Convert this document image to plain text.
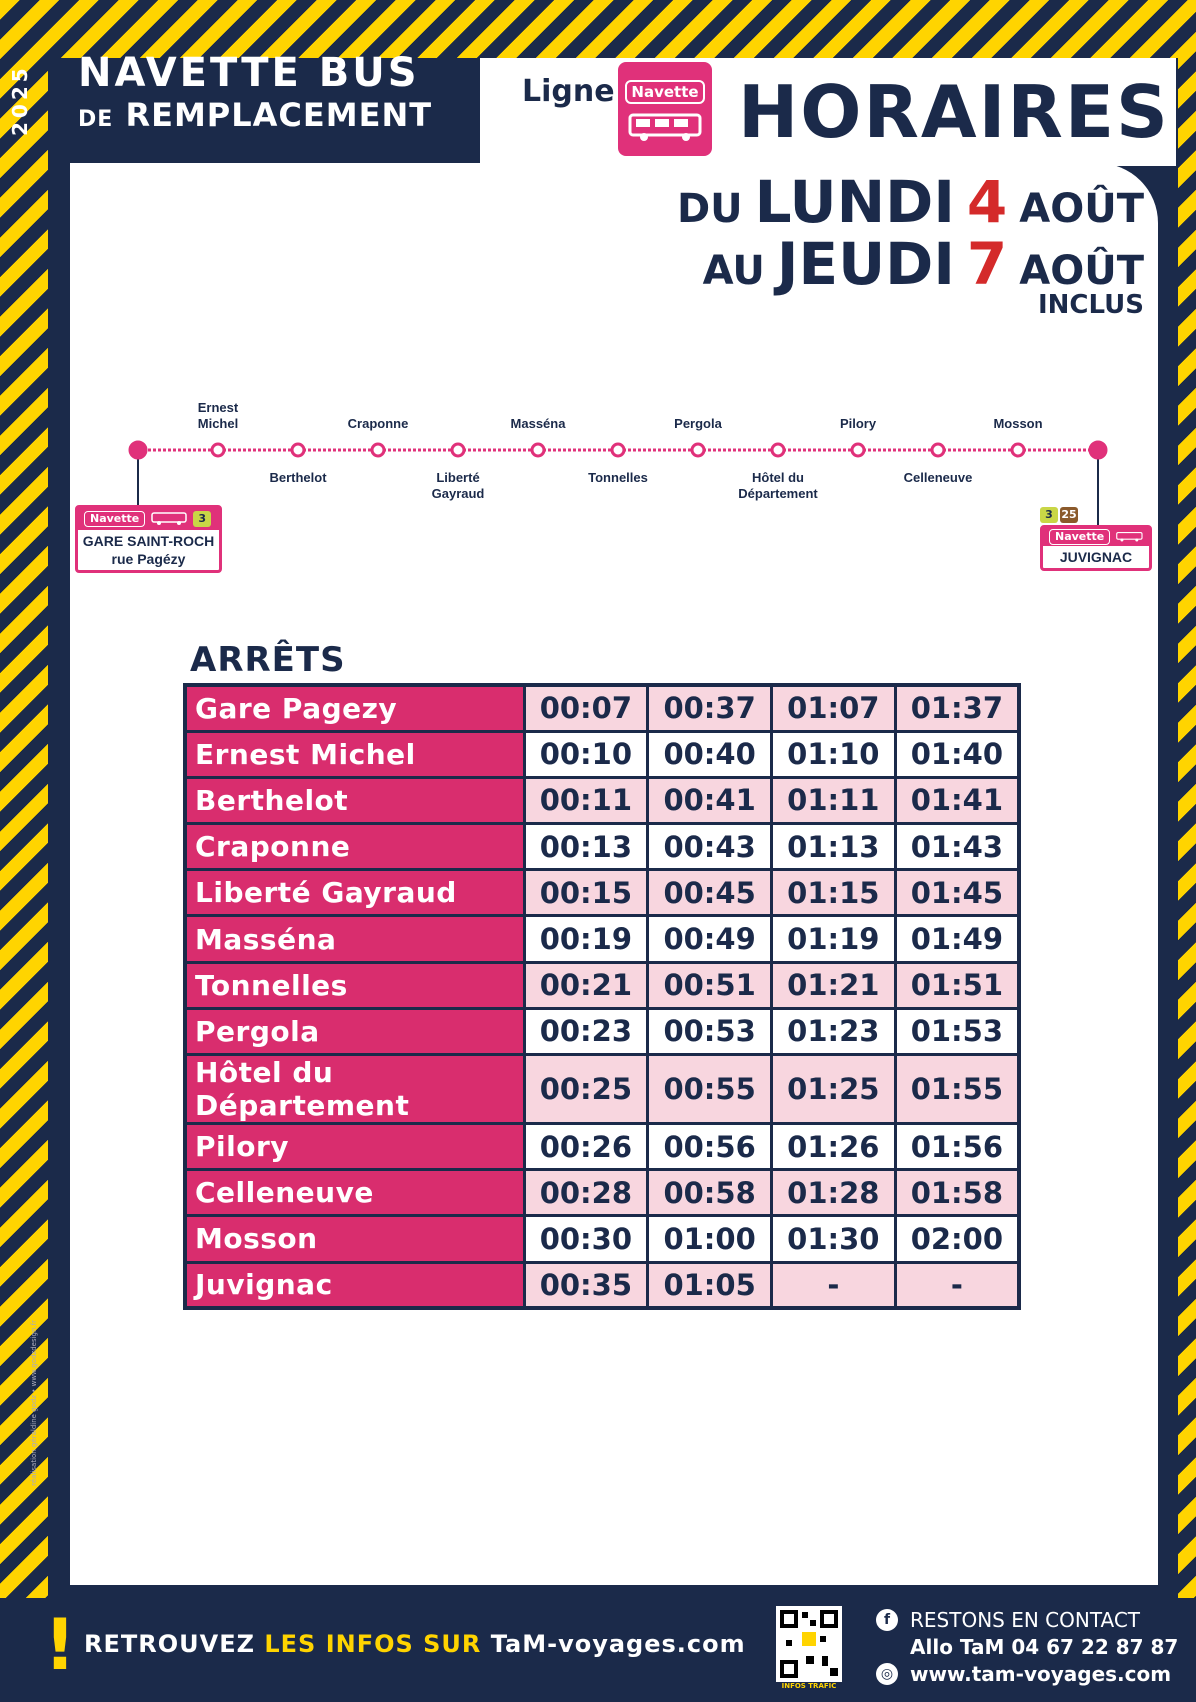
2025 NAVETTE BUS
DE REMPLACEMENT
Ligne	Navette HORAIRES
DU LUNDI 4 AOÛT
AU JEUDI 7 AOÛT
INCLUS
Ernest
Michel
Berthelot
Craponne
Liberté
Gayraud
Masséna
Tonnelles
Pergola
Hôtel du
Département
Pilory
Celleneuve
Mosson
Navette	3
GARE SAINT-ROCH
rue Pagézy
3 25
Navette
JUVIGNAC
ARRÊTS
Gare Pagezy	00:07	00:37	01:07	01:37
Ernest Michel	00:10	00:40	01:10	01:40
Berthelot	00:11	00:41	01:11	01:41
Craponne	00:13	00:43	01:13	01:43
Liberté Gayraud	00:15	00:45	01:15	01:45
Masséna	00:19	00:49	01:19	01:49
Tonnelles	00:21	00:51	01:21	01:51
Pergola	00:23	00:53	01:23	01:53
Hôtel du Département	00:25	00:55	01:25	01:55
Pilory	00:26	00:56	01:26	01:56
Celleneuve	00:28	00:58	01:28	01:58
Mosson	00:30	01:00	01:30	02:00
Juvignac	00:35	01:05	-	-
réalisation géraldine godz • www.godzdesign.fr
! RETROUVEZ LES INFOS SUR TaM-voyages.com
INFOS TRAFIC
f RESTONS EN CONTACT
Allo TaM 04 67 22 87 87
◎ www.tam-voyages.com
